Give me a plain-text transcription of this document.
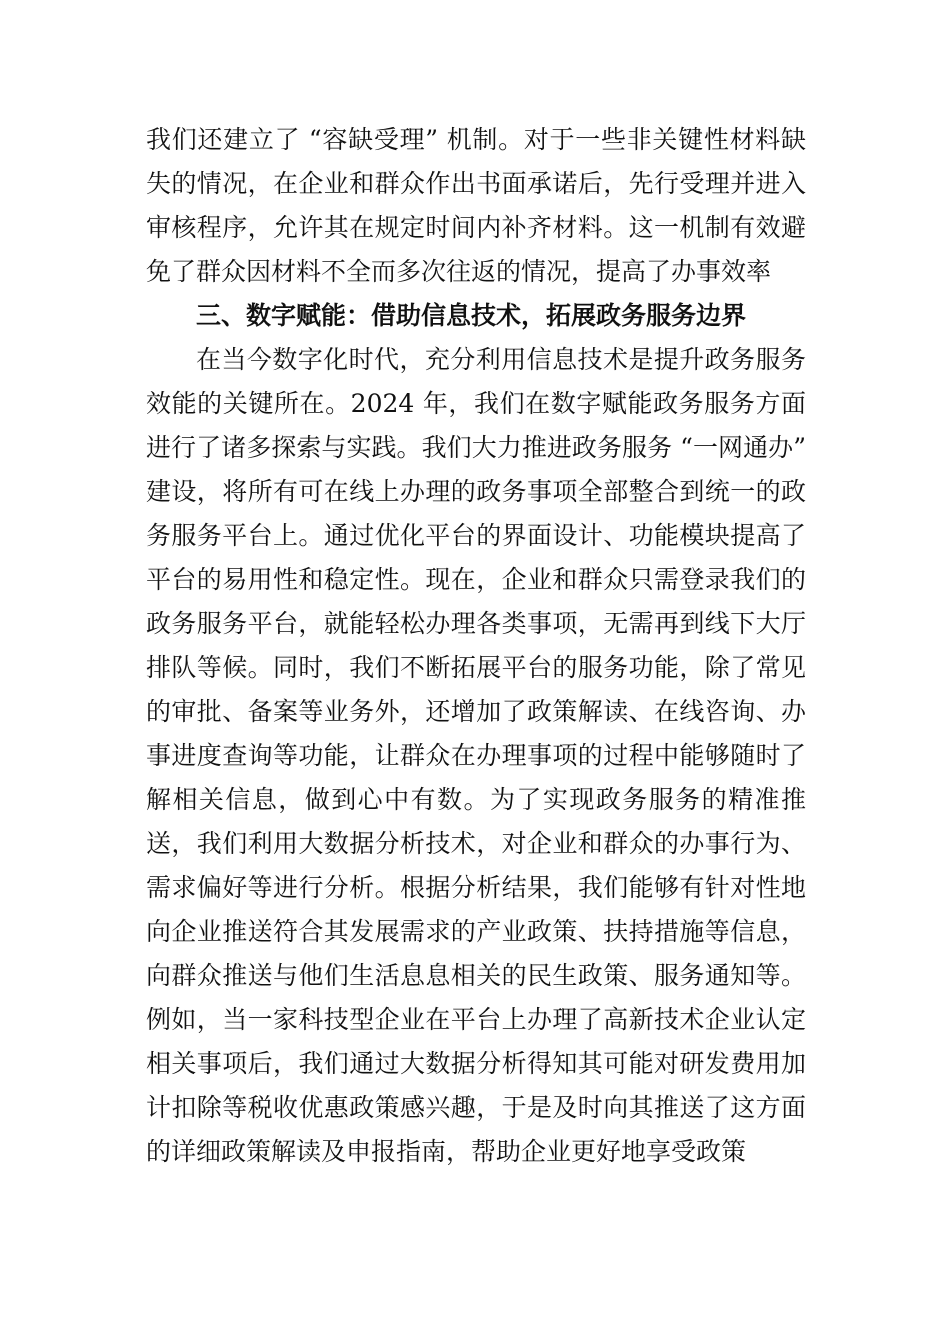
我们还建立了 “容缺受理” 机制。对于一些非关键性材料缺失的情况，在企业和群众作出书面承诺后，先行受理并进入审核程序，允许其在规定时间内补齐材料。这一机制有效避免了群众因材料不全而多次往返的情况，提高了办事效率

三、数字赋能：借助信息技术，拓展政务服务边界

在当今数字化时代，充分利用信息技术是提升政务服务效能的关键所在。2024 年，我们在数字赋能政务服务方面进行了诸多探索与实践。我们大力推进政务服务 “一网通办” 建设，将所有可在线上办理的政务事项全部整合到统一的政务服务平台上。通过优化平台的界面设计、功能模块提高了平台的易用性和稳定性。现在，企业和群众只需登录我们的政务服务平台，就能轻松办理各类事项，无需再到线下大厅排队等候。同时，我们不断拓展平台的服务功能，除了常见的审批、备案等业务外，还增加了政策解读、在线咨询、办事进度查询等功能，让群众在办理事项的过程中能够随时了解相关信息，做到心中有数。为了实现政务服务的精准推送，我们利用大数据分析技术，对企业和群众的办事行为、需求偏好等进行分析。根据分析结果，我们能够有针对性地向企业推送符合其发展需求的产业政策、扶持措施等信息，向群众推送与他们生活息息相关的民生政策、服务通知等。例如，当一家科技型企业在平台上办理了高新技术企业认定相关事项后，我们通过大数据分析得知其可能对研发费用加计扣除等税收优惠政策感兴趣，于是及时向其推送了这方面的详细政策解读及申报指南，帮助企业更好地享受政策
